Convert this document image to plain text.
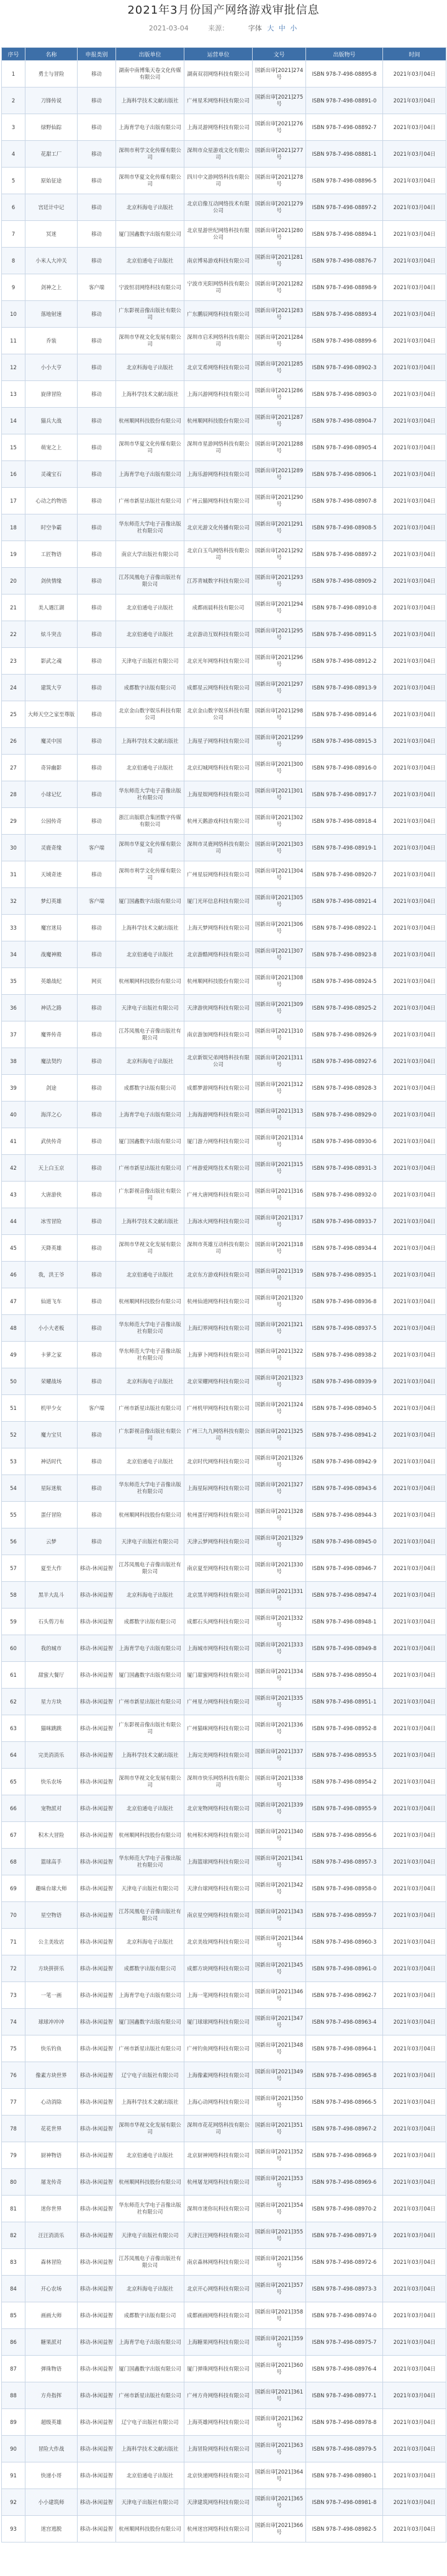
2021年3月份国产网络游戏审批信息
2021-03-04	来源：	字体 大 中 小
序号	名称	申报类别	出版单位	运营单位	文号	出版物号	时间
1	勇士与冒险	移动	湖南中南博集天卷文化传媒有限公司	湖南双羽网络科技有限公司	国新出审[2021]274号	ISBN 978-7-498-08895-8	2021年03月04日
2	刀锋传说	移动	上海科学技术文献出版社	广州星禾网络科技有限公司	国新出审[2021]275号	ISBN 978-7-498-08891-0	2021年03月04日
3	绿野仙踪	移动	上海育学电子出版有限公司	上海灵游网络科技有限公司	国新出审[2021]276号	ISBN 978-7-498-08892-7	2021年03月04日
4	花甜工厂	移动	深圳市利学文化传媒有限公司	深圳市众星游戏文化有限公司	国新出审[2021]277号	ISBN 978-7-498-08881-1	2021年03月04日
5	原始征途	移动	深圳市华夏文化传媒有限公司	四川中文游网络科技有限公司	国新出审[2021]278号	ISBN 978-7-498-08896-5	2021年03月04日
6	宫廷计中记	移动	北京科海电子出版社	北京启像互动网络技术有限公司	国新出审[2021]279号	ISBN 978-7-498-08897-2	2021年03月04日
7	冥迷	移动	厦门国鑫数字出版有限公司	北京星游世纪网络科技有限公司	国新出审[2021]280号	ISBN 978-7-498-08894-1	2021年03月04日
8	小米人大冲关	移动	北京伯通电子出版社	南京博易游戏科技有限公司	国新出审[2021]281号	ISBN 978-7-498-08876-7	2021年03月04日
9	剑神之上	客户端	宁波恒羽网络科技有限公司	宁波市光阳网络科技有限公司	国新出审[2021]282号	ISBN 978-7-498-08898-9	2021年03月04日
10	落地射速	移动	广东影视音像出版社有限公司	广东鹏辰网络科技有限公司	国新出审[2021]283号	ISBN 978-7-498-08893-4	2021年03月04日
11	乔装	移动	深圳市华视文化发展有限公司	深圳市启禾网络科技有限公司	国新出审[2021]284号	ISBN 978-7-498-08899-6	2021年03月04日
12	小小大亨	移动	北京科海电子出版社	北京艾希网络科技有限公司	国新出审[2021]285号	ISBN 978-7-498-08902-3	2021年03月04日
13	旋律冒险	移动	上海科学技术文献出版社	上海兴游网络科技有限公司	国新出审[2021]286号	ISBN 978-7-498-08903-0	2021年03月04日
14	猫兵大战	移动	杭州顺网科技股份有限公司	杭州顺网科技股份有限公司	国新出审[2021]287号	ISBN 978-7-498-08904-7	2021年03月04日
15	萌宠之上	移动	深圳市华夏文化传媒有限公司	深圳市星游网络科技有限公司	国新出审[2021]288号	ISBN 978-7-498-08905-4	2021年03月04日
16	灵魂宝石	移动	上海育学电子出版有限公司	上海乐游网络科技有限公司	国新出审[2021]289号	ISBN 978-7-498-08906-1	2021年03月04日
17	心动之约物语	移动	广州市新星出版社有限公司	广州云猫网络科技有限公司	国新出审[2021]290号	ISBN 978-7-498-08907-8	2021年03月04日
18	时空争霸	移动	华东师范大学电子音像出版社有限公司	北京光游文化传播有限公司	国新出审[2021]291号	ISBN 978-7-498-08908-5	2021年03月04日
19	工匠物语	移动	南京大学出版社有限公司	北京白玉鸟网络科技有限公司	国新出审[2021]292号	ISBN 978-7-498-08897-2	2021年03月04日
20	剑侠情缘	移动	江苏凤凰电子音像出版社有限公司	江苏青城数字科技有限公司	国新出审[2021]293号	ISBN 978-7-498-08909-2	2021年03月04日
21	美人遇江湖	移动	北京伯通电子出版社	成都雨晨科技有限公司	国新出审[2021]294号	ISBN 978-7-498-08910-8	2021年03月04日
22	炫斗突击	移动	北京伯通电子出版社	北京游动互娱科技有限公司	国新出审[2021]295号	ISBN 978-7-498-08911-5	2021年03月04日
23	影武之魂	移动	天津电子出版社有限公司	北京光年网络科技有限公司	国新出审[2021]296号	ISBN 978-7-498-08912-2	2021年03月04日
24	建筑大亨	移动	成都数字出版有限公司	成都星云网络科技有限公司	国新出审[2021]297号	ISBN 978-7-498-08913-9	2021年03月04日
25	大师天空之家至尊版	移动	北京金山数字娱乐科技有限公司	北京金山数字娱乐科技有限公司	国新出审[2021]298号	ISBN 978-7-498-08914-6	2021年03月04日
26	魔灵中国	移动	上海科学技术文献出版社	上海星子网络科技有限公司	国新出审[2021]299号	ISBN 978-7-498-08915-3	2021年03月04日
27	奇异幽影	移动	北京伯通电子出版社	北京幻城网络科技有限公司	国新出审[2021]300号	ISBN 978-7-498-08916-0	2021年03月04日
28	小球记忆	移动	华东师范大学电子音像出版社有限公司	上海星娱网络科技有限公司	国新出审[2021]301号	ISBN 978-7-498-08917-7	2021年03月04日
29	公园传奇	移动	浙江出版联合集团数字传媒有限公司	杭州天鹅游戏科技有限公司	国新出审[2021]302号	ISBN 978-7-498-08918-4	2021年03月04日
30	灵鹿奇缘	客户端	深圳市华夏文化传媒有限公司	深圳市灵鹿网络科技有限公司	国新出审[2021]303号	ISBN 978-7-498-08919-1	2021年03月04日
31	天域奇迹	移动	深圳市利学文化传媒有限公司	广州星辰网络科技有限公司	国新出审[2021]304号	ISBN 978-7-498-08920-7	2021年03月04日
32	梦幻英雄	客户端	厦门国鑫数字出版有限公司	厦门光环信息科技有限公司	国新出审[2021]305号	ISBN 978-7-498-08921-4	2021年03月04日
33	魔宫迷局	移动	上海科学技术文献出版社	上海天梦网络科技有限公司	国新出审[2021]306号	ISBN 978-7-498-08922-1	2021年03月04日
34	战魔神殿	移动	北京伯通电子出版社	北京游酷网络科技有限公司	国新出审[2021]307号	ISBN 978-7-498-08923-8	2021年03月04日
35	英雄战纪	网页	杭州顺网科技股份有限公司	杭州顺网科技股份有限公司	国新出审[2021]308号	ISBN 978-7-498-08924-5	2021年03月04日
36	神话之路	移动	天津电子出版社有限公司	天津游侠网络科技有限公司	国新出审[2021]309号	ISBN 978-7-498-08925-2	2021年03月04日
37	魔界传奇	移动	江苏凤凰电子音像出版社有限公司	南京游加网络科技有限公司	国新出审[2021]310号	ISBN 978-7-498-08926-9	2021年03月04日
38	魔法契约	移动	北京科海电子出版社	北京新娱兄弟网络科技有限公司	国新出审[2021]311号	ISBN 978-7-498-08927-6	2021年03月04日
39	剑途	移动	成都数字出版有限公司	成都梦游网络科技有限公司	国新出审[2021]312号	ISBN 978-7-498-08928-3	2021年03月04日
40	海洋之心	移动	上海育学电子出版有限公司	上海海游网络科技有限公司	国新出审[2021]313号	ISBN 978-7-498-08929-0	2021年03月04日
41	武侠传奇	移动	厦门国鑫数字出版有限公司	厦门游力网络科技有限公司	国新出审[2021]314号	ISBN 978-7-498-08930-6	2021年03月04日
42	天上白玉京	移动	广州市新星出版社有限公司	广州游爱网络技术有限公司	国新出审[2021]315号	ISBN 978-7-498-08931-3	2021年03月04日
43	大唐游侠	移动	广东影视音像出版社有限公司	广州大唐网络科技有限公司	国新出审[2021]316号	ISBN 978-7-498-08932-0	2021年03月04日
44	冰雪冒险	移动	上海科学技术文献出版社	上海冰火网络科技有限公司	国新出审[2021]317号	ISBN 978-7-498-08933-7	2021年03月04日
45	天降英雄	移动	深圳市华视文化发展有限公司	深圳市英雄互动科技有限公司	国新出审[2021]318号	ISBN 978-7-498-08934-4	2021年03月04日
46	我，洪王爷	移动	北京伯通电子出版社	北京东方游戏科技有限公司	国新出审[2021]319号	ISBN 978-7-498-08935-1	2021年03月04日
47	仙道飞车	移动	杭州顺网科技股份有限公司	杭州仙道网络科技有限公司	国新出审[2021]320号	ISBN 978-7-498-08936-8	2021年03月04日
48	小小大老板	移动	华东师范大学电子音像出版社有限公司	上海幻界网络科技有限公司	国新出审[2021]321号	ISBN 978-7-498-08937-5	2021年03月04日
49	卡萝之家	移动	华东师范大学电子音像出版社有限公司	上海萝卜网络科技有限公司	国新出审[2021]322号	ISBN 978-7-498-08938-2	2021年03月04日
50	荣耀战场	移动	北京科海电子出版社	北京荣耀网络科技有限公司	国新出审[2021]323号	ISBN 978-7-498-08939-9	2021年03月04日
51	机甲少女	客户端	广州市新星出版社有限公司	广州机甲网络科技有限公司	国新出审[2021]324号	ISBN 978-7-498-08940-5	2021年03月04日
52	魔力宝贝	移动	广东影视音像出版社有限公司	广州三九九网络科技有限公司	国新出审[2021]325号	ISBN 978-7-498-08941-2	2021年03月04日
53	神话时代	移动	北京伯通电子出版社	北京时代网络科技有限公司	国新出审[2021]326号	ISBN 978-7-498-08942-9	2021年03月04日
54	星际迷航	移动	华东师范大学电子音像出版社有限公司	上海星际网络科技有限公司	国新出审[2021]327号	ISBN 978-7-498-08943-6	2021年03月04日
55	蛋仔冒险	移动	杭州顺网科技股份有限公司	杭州蛋仔网络科技有限公司	国新出审[2021]328号	ISBN 978-7-498-08944-3	2021年03月04日
56	云梦	移动	天津电子出版社有限公司	天津云梦网络科技有限公司	国新出审[2021]329号	ISBN 978-7-498-08945-0	2021年03月04日
57	夏至大作	移动-休闲益智	江苏凤凰电子音像出版社有限公司	南京夏至网络科技有限公司	国新出审[2021]330号	ISBN 978-7-498-08946-7	2021年03月04日
58	黑羊大乱斗	移动-休闲益智	北京科海电子出版社	北京黑羊网络科技有限公司	国新出审[2021]331号	ISBN 978-7-498-08947-4	2021年03月04日
59	石头剪刀布	移动-休闲益智	成都数字出版有限公司	成都石头网络科技有限公司	国新出审[2021]332号	ISBN 978-7-498-08948-1	2021年03月04日
60	我的城市	移动-休闲益智	上海育学电子出版有限公司	上海城市网络科技有限公司	国新出审[2021]333号	ISBN 978-7-498-08949-8	2021年03月04日
61	甜蜜大餐厅	移动-休闲益智	厦门国鑫数字出版有限公司	厦门甜蜜网络科技有限公司	国新出审[2021]334号	ISBN 978-7-498-08950-4	2021年03月04日
62	星力方块	移动-休闲益智	广州市新星出版社有限公司	广州星力网络科技有限公司	国新出审[2021]335号	ISBN 978-7-498-08951-1	2021年03月04日
63	猫咪跳跳	移动-休闲益智	广东影视音像出版社有限公司	广州猫咪网络科技有限公司	国新出审[2021]336号	ISBN 978-7-498-08952-8	2021年03月04日
64	完美消消乐	移动-休闲益智	上海科学技术文献出版社	上海完美网络科技有限公司	国新出审[2021]337号	ISBN 978-7-498-08953-5	2021年03月04日
65	快乐农场	移动-休闲益智	深圳市华视文化发展有限公司	深圳市快乐网络科技有限公司	国新出审[2021]338号	ISBN 978-7-498-08954-2	2021年03月04日
66	宠物派对	移动-休闲益智	北京伯通电子出版社	北京宠物网络科技有限公司	国新出审[2021]339号	ISBN 978-7-498-08955-9	2021年03月04日
67	积木大冒险	移动-休闲益智	杭州顺网科技股份有限公司	杭州积木网络科技有限公司	国新出审[2021]340号	ISBN 978-7-498-08956-6	2021年03月04日
68	篮球高手	移动-休闲益智	华东师范大学电子音像出版社有限公司	上海篮球网络科技有限公司	国新出审[2021]341号	ISBN 978-7-498-08957-3	2021年03月04日
69	趣味台球大师	移动-休闲益智	天津电子出版社有限公司	天津台球网络科技有限公司	国新出审[2021]342号	ISBN 978-7-498-08958-0	2021年03月04日
70	星空物语	移动-休闲益智	江苏凤凰电子音像出版社有限公司	南京星空网络科技有限公司	国新出审[2021]343号	ISBN 978-7-498-08959-7	2021年03月04日
71	公主美妆店	移动-休闲益智	北京科海电子出版社	北京美妆网络科技有限公司	国新出审[2021]344号	ISBN 978-7-498-08960-3	2021年03月04日
72	方块拼拼乐	移动-休闲益智	成都数字出版有限公司	成都方块网络科技有限公司	国新出审[2021]345号	ISBN 978-7-498-08961-0	2021年03月04日
73	一笔一画	移动-休闲益智	上海育学电子出版有限公司	上海一笔网络科技有限公司	国新出审[2021]346号	ISBN 978-7-498-08962-7	2021年03月04日
74	球球冲冲冲	移动-休闲益智	厦门国鑫数字出版有限公司	厦门球球网络科技有限公司	国新出审[2021]347号	ISBN 978-7-498-08963-4	2021年03月04日
75	快乐钓鱼	移动-休闲益智	广州市新星出版社有限公司	广州钓鱼网络科技有限公司	国新出审[2021]348号	ISBN 978-7-498-08964-1	2021年03月04日
76	像素方块世界	移动-休闲益智	辽宁电子出版社有限公司	上海像素网络科技有限公司	国新出审[2021]349号	ISBN 978-7-498-08965-8	2021年03月04日
77	心动消除	移动-休闲益智	上海科学技术文献出版社	上海心动网络科技有限公司	国新出审[2021]350号	ISBN 978-7-498-08966-5	2021年03月04日
78	花花世界	移动-休闲益智	深圳市华视文化发展有限公司	深圳市花花网络科技有限公司	国新出审[2021]351号	ISBN 978-7-498-08967-2	2021年03月04日
79	厨神物语	移动-休闲益智	北京伯通电子出版社	北京厨神网络科技有限公司	国新出审[2021]352号	ISBN 978-7-498-08968-9	2021年03月04日
80	屠龙传奇	移动-休闲益智	杭州顺网科技股份有限公司	杭州屠龙网络科技有限公司	国新出审[2021]353号	ISBN 978-7-498-08969-6	2021年03月04日
81	迷你世界	移动-休闲益智	华东师范大学电子音像出版社有限公司	深圳市迷你玩科技有限公司	国新出审[2021]354号	ISBN 978-7-498-08970-2	2021年03月04日
82	汪汪消消乐	移动-休闲益智	天津电子出版社有限公司	天津汪汪网络科技有限公司	国新出审[2021]355号	ISBN 978-7-498-08971-9	2021年03月04日
83	森林冒险	移动-休闲益智	江苏凤凰电子音像出版社有限公司	南京森林网络科技有限公司	国新出审[2021]356号	ISBN 978-7-498-08972-6	2021年03月04日
84	开心农场	移动-休闲益智	北京科海电子出版社	北京开心网络科技有限公司	国新出审[2021]357号	ISBN 978-7-498-08973-3	2021年03月04日
85	画画大师	移动-休闲益智	成都数字出版有限公司	成都画画网络科技有限公司	国新出审[2021]358号	ISBN 978-7-498-08974-0	2021年03月04日
86	糖果派对	移动-休闲益智	上海育学电子出版有限公司	上海糖果网络科技有限公司	国新出审[2021]359号	ISBN 978-7-498-08975-7	2021年03月04日
87	弹珠物语	移动-休闲益智	厦门国鑫数字出版有限公司	厦门弹珠网络科技有限公司	国新出审[2021]360号	ISBN 978-7-498-08976-4	2021年03月04日
88	方舟指挥	移动-休闲益智	广州市新星出版社有限公司	广州方舟网络科技有限公司	国新出审[2021]361号	ISBN 978-7-498-08977-1	2021年03月04日
89	超级英雄	移动-休闲益智	辽宁电子出版社有限公司	上海英雄网络科技有限公司	国新出审[2021]362号	ISBN 978-7-498-08978-8	2021年03月04日
90	冒险大作战	移动-休闲益智	上海科学技术文献出版社	上海冒险网络科技有限公司	国新出审[2021]363号	ISBN 978-7-498-08979-5	2021年03月04日
91	快递小哥	移动-休闲益智	北京伯通电子出版社	北京快递网络科技有限公司	国新出审[2021]364号	ISBN 978-7-498-08980-1	2021年03月04日
92	小小建筑师	移动-休闲益智	天津电子出版社有限公司	天津建筑网络科技有限公司	国新出审[2021]365号	ISBN 978-7-498-08981-8	2021年03月04日
93	迷宫逃脱	移动-休闲益智	杭州顺网科技股份有限公司	杭州迷宫网络科技有限公司	国新出审[2021]366号	ISBN 978-7-498-08982-5	2021年03月04日
